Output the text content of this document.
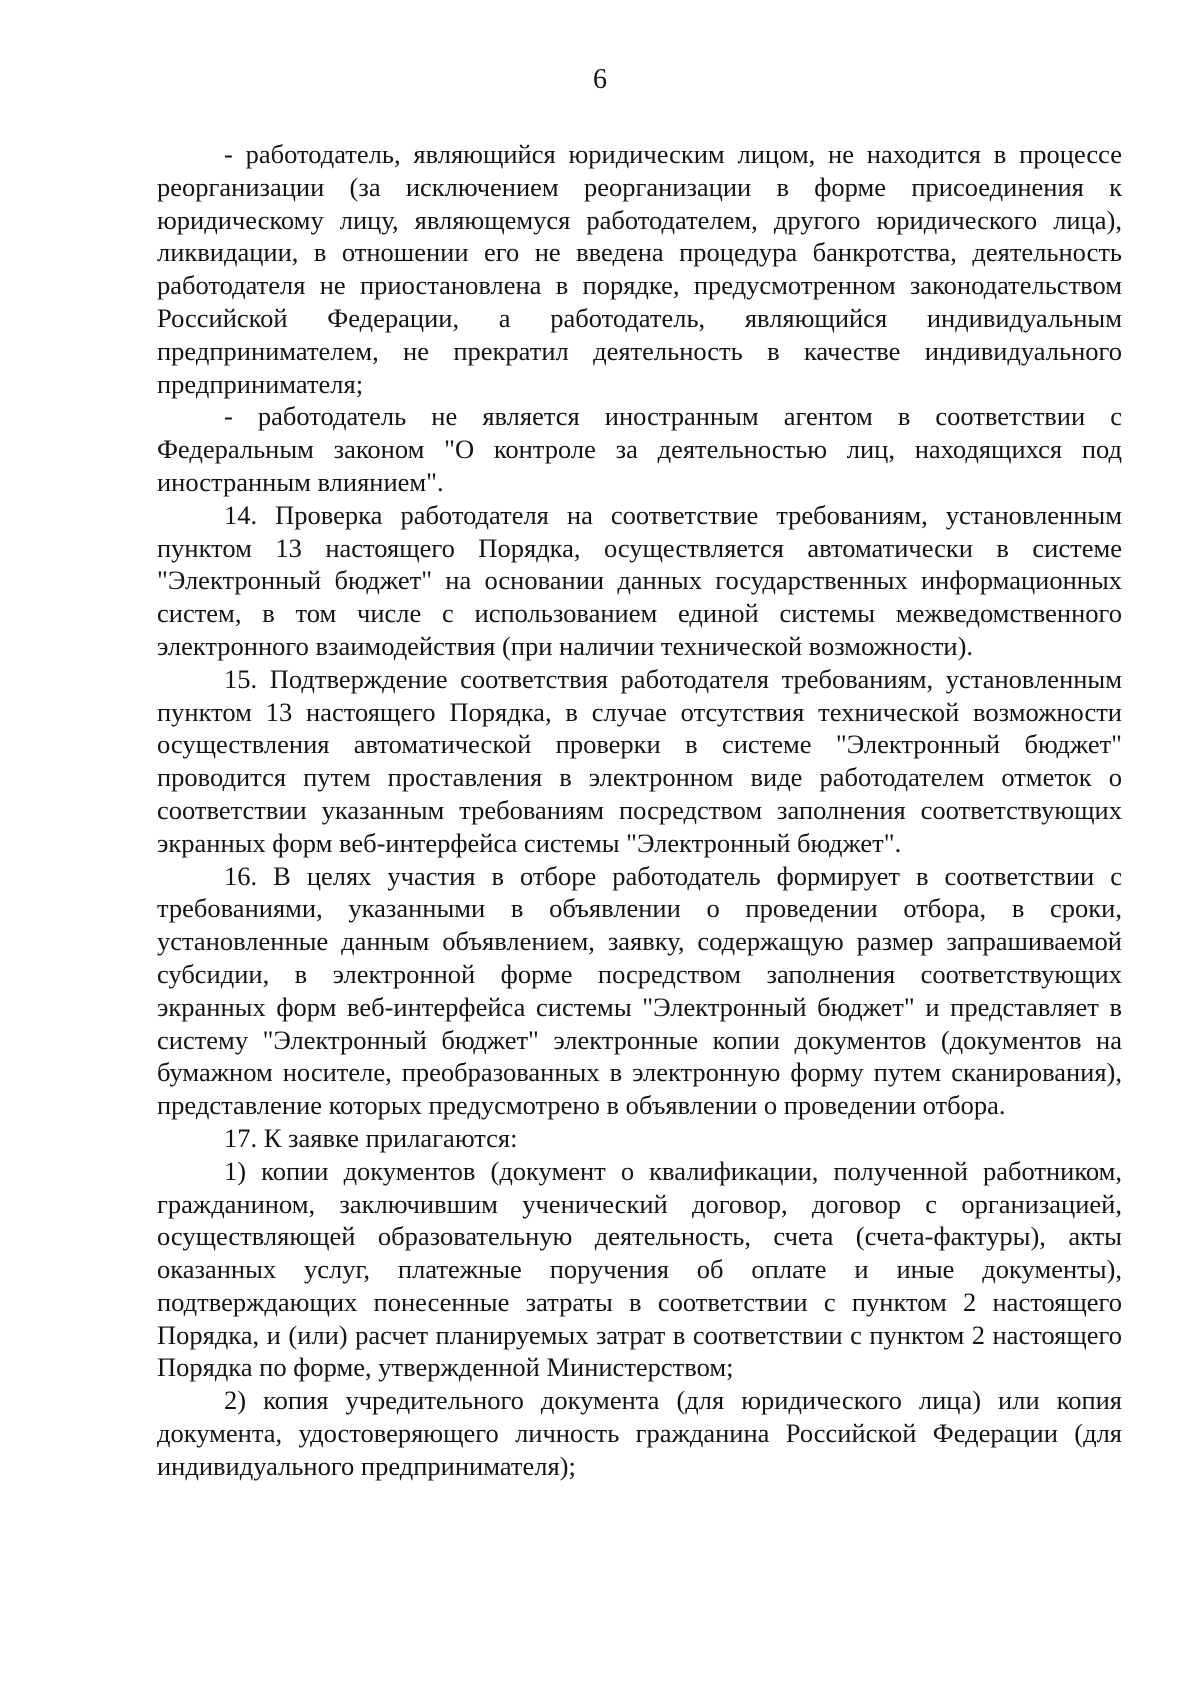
6

- работодатель, являющийся юридическим лицом, не находится в процессе реорганизации (за исключением реорганизации в форме присоединения к юридическому лицу, являющемуся работодателем, другого юридического лица), ликвидации, в отношении его не введена процедура банкротства, деятельность работодателя не приостановлена в порядке, предусмотренном законодательством Российской Федерации, а работодатель, являющийся индивидуальным предпринимателем, не прекратил деятельность в качестве индивидуального предпринимателя;

- работодатель не является иностранным агентом в соответствии с Федеральным законом "О контроле за деятельностью лиц, находящихся под иностранным влиянием".

14. Проверка работодателя на соответствие требованиям, установленным пунктом 13 настоящего Порядка, осуществляется автоматически в системе "Электронный бюджет" на основании данных государственных информационных систем, в том числе с использованием единой системы межведомственного электронного взаимодействия (при наличии технической возможности).

15. Подтверждение соответствия работодателя требованиям, установленным пунктом 13 настоящего Порядка, в случае отсутствия технической возможности осуществления автоматической проверки в системе "Электронный бюджет" проводится путем проставления в электронном виде работодателем отметок о соответствии указанным требованиям посредством заполнения соответствующих экранных форм веб-интерфейса системы "Электронный бюджет".

16. В целях участия в отборе работодатель формирует в соответствии с требованиями, указанными в объявлении о проведении отбора, в сроки, установленные данным объявлением, заявку, содержащую размер запрашиваемой субсидии, в электронной форме посредством заполнения соответствующих экранных форм веб-интерфейса системы "Электронный бюджет" и представляет в систему "Электронный бюджет" электронные копии документов (документов на бумажном носителе, преобразованных в электронную форму путем сканирования), представление которых предусмотрено в объявлении о проведении отбора.

17. К заявке прилагаются:

1) копии документов (документ о квалификации, полученной работником, гражданином, заключившим ученический договор, договор с организацией, осуществляющей образовательную деятельность, счета (счета-фактуры), акты оказанных услуг, платежные поручения об оплате и иные документы), подтверждающих понесенные затраты в соответствии с пунктом 2 настоящего Порядка, и (или) расчет планируемых затрат в соответствии с пунктом 2 настоящего Порядка по форме, утвержденной Министерством;

2) копия учредительного документа (для юридического лица) или копия документа, удостоверяющего личность гражданина Российской Федерации (для индивидуального предпринимателя);
